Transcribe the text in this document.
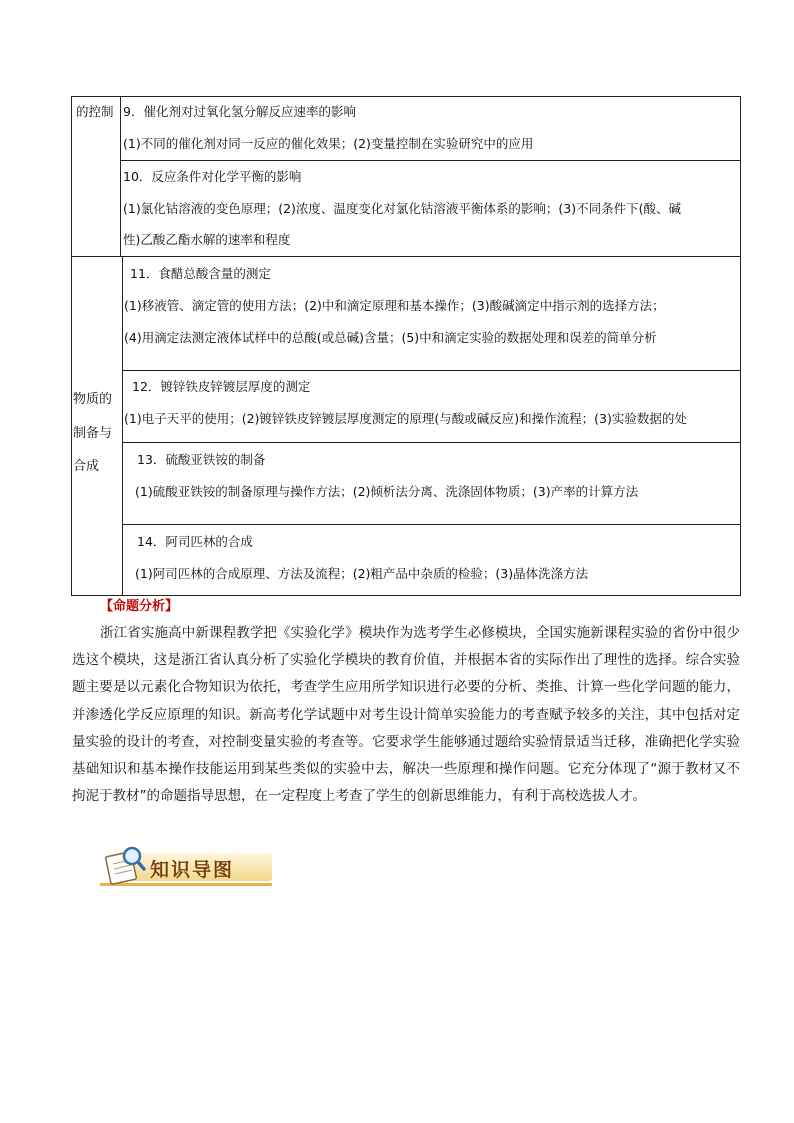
的控制 9．催化剂对过氧化氢分解反应速率的影响
(1)不同的催化剂对同一反应的催化效果；(2)变量控制在实验研究中的应用
10．反应条件对化学平衡的影响
(1)氯化钴溶液的变色原理；(2)浓度、温度变化对氯化钴溶液平衡体系的影响；(3)不同条件下(酸、碱
性)乙酸乙酯水解的速率和程度
物质的
制备与
合成
11．食醋总酸含量的测定
(1)移液管、滴定管的使用方法；(2)中和滴定原理和基本操作；(3)酸碱滴定中指示剂的选择方法；
(4)用滴定法测定液体试样中的总酸(或总碱)含量；(5)中和滴定实验的数据处理和误差的简单分析
12．镀锌铁皮锌镀层厚度的测定
(1)电子天平的使用；(2)镀锌铁皮锌镀层厚度测定的原理(与酸或碱反应)和操作流程；(3)实验数据的处
13．硫酸亚铁铵的制备
(1)硫酸亚铁铵的制备原理与操作方法；(2)倾析法分离、洗涤固体物质；(3)产率的计算方法
14．阿司匹林的合成
(1)阿司匹林的合成原理、方法及流程；(2)粗产品中杂质的检验；(3)晶体洗涤方法
【命题分析】

浙江省实施高中新课程教学把《实验化学》模块作为选考学生必修模块，全国实施新课程实验的省份中很少选这个模块，这是浙江省认真分析了实验化学模块的教育价值，并根据本省的实际作出了理性的选择。综合实验题主要是以元素化合物知识为依托，考查学生应用所学知识进行必要的分析、类推、计算一些化学问题的能力，并渗透化学反应原理的知识。新高考化学试题中对考生设计简单实验能力的考查赋予较多的关注，其中包括对定量实验的设计的考查，对控制变量实验的考查等。它要求学生能够通过题给实验情景适当迁移，准确把化学实验基础知识和基本操作技能运用到某些类似的实验中去，解决一些原理和操作问题。它充分体现了“源于教材又不拘泥于教材”的命题指导思想，在一定程度上考查了学生的创新思维能力，有利于高校选拔人才。

知识导图
